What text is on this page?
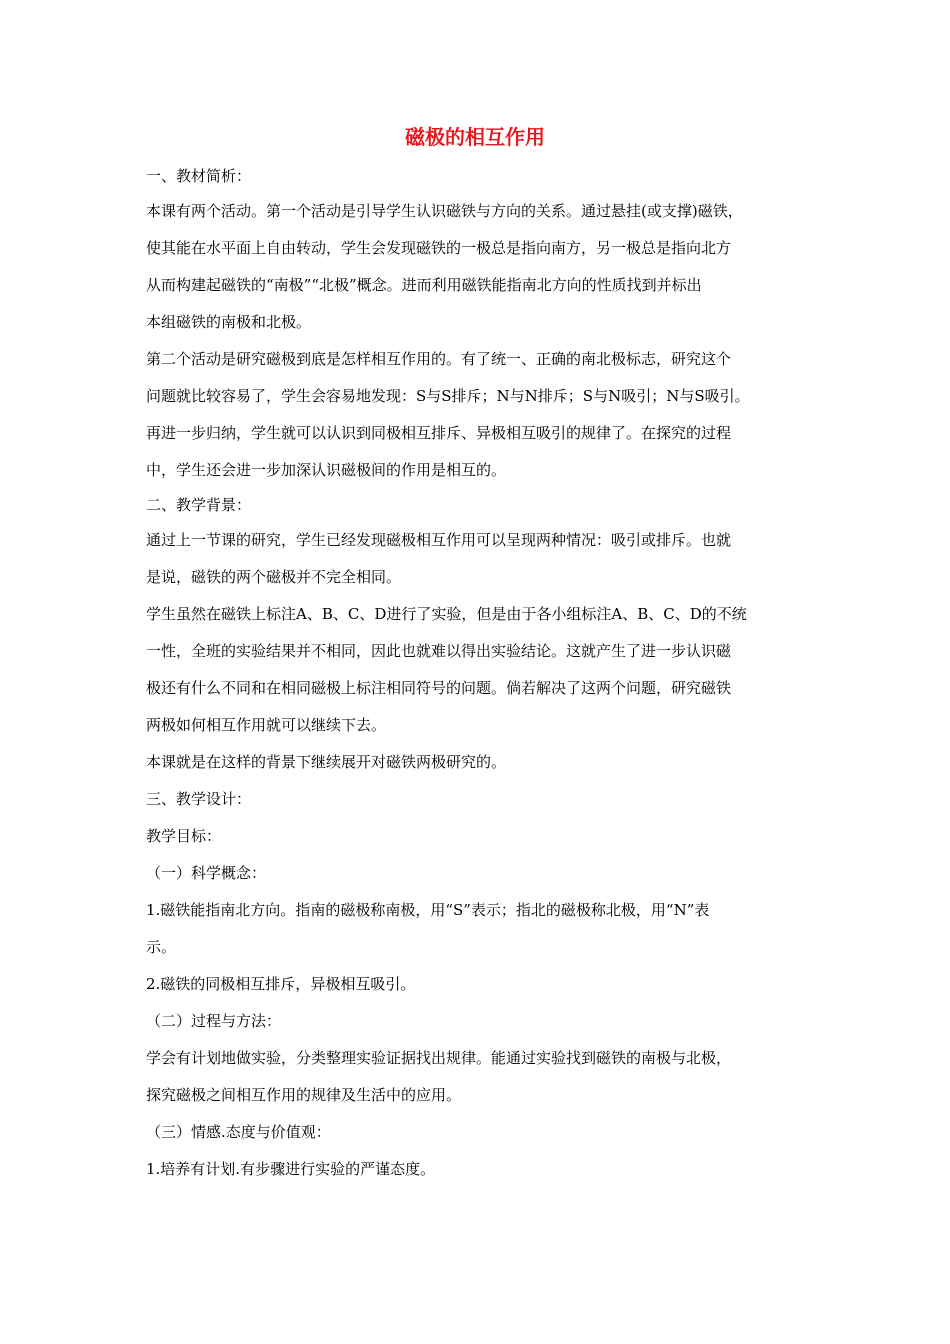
磁极的相互作用

一、教材简析：

本课有两个活动。第一个活动是引导学生认识磁铁与方向的关系。通过悬挂(或支撑)磁铁，

使其能在水平面上自由转动，学生会发现磁铁的一极总是指向南方，另一极总是指向北方

从而构建起磁铁的“南极”“北极”概念。进而利用磁铁能指南北方向的性质找到并标出

本组磁铁的南极和北极。

第二个活动是研究磁极到底是怎样相互作用的。有了统一、正确的南北极标志，研究这个

问题就比较容易了，学生会容易地发现：S与S排斥；N与N排斥；S与N吸引；N与S吸引。

再进一步归纳，学生就可以认识到同极相互排斥、异极相互吸引的规律了。在探究的过程

中，学生还会进一步加深认识磁极间的作用是相互的。

二、教学背景：

通过上一节课的研究，学生已经发现磁极相互作用可以呈现两种情况：吸引或排斥。也就

是说，磁铁的两个磁极并不完全相同。

学生虽然在磁铁上标注A、B、C、D进行了实验，但是由于各小组标注A、B、C、D的不统

一性，全班的实验结果并不相同，因此也就难以得出实验结论。这就产生了进一步认识磁

极还有什么不同和在相同磁极上标注相同符号的问题。倘若解决了这两个问题，研究磁铁

两极如何相互作用就可以继续下去。

本课就是在这样的背景下继续展开对磁铁两极研究的。

三、教学设计：

教学目标：

（一）科学概念：

1.磁铁能指南北方向。指南的磁极称南极，用“S”表示；指北的磁极称北极，用“N”表

示。

2.磁铁的同极相互排斥，异极相互吸引。

（二）过程与方法：

学会有计划地做实验，分类整理实验证据找出规律。能通过实验找到磁铁的南极与北极，

探究磁极之间相互作用的规律及生活中的应用。

（三）情感.态度与价值观：

1.培养有计划.有步骤进行实验的严谨态度。
